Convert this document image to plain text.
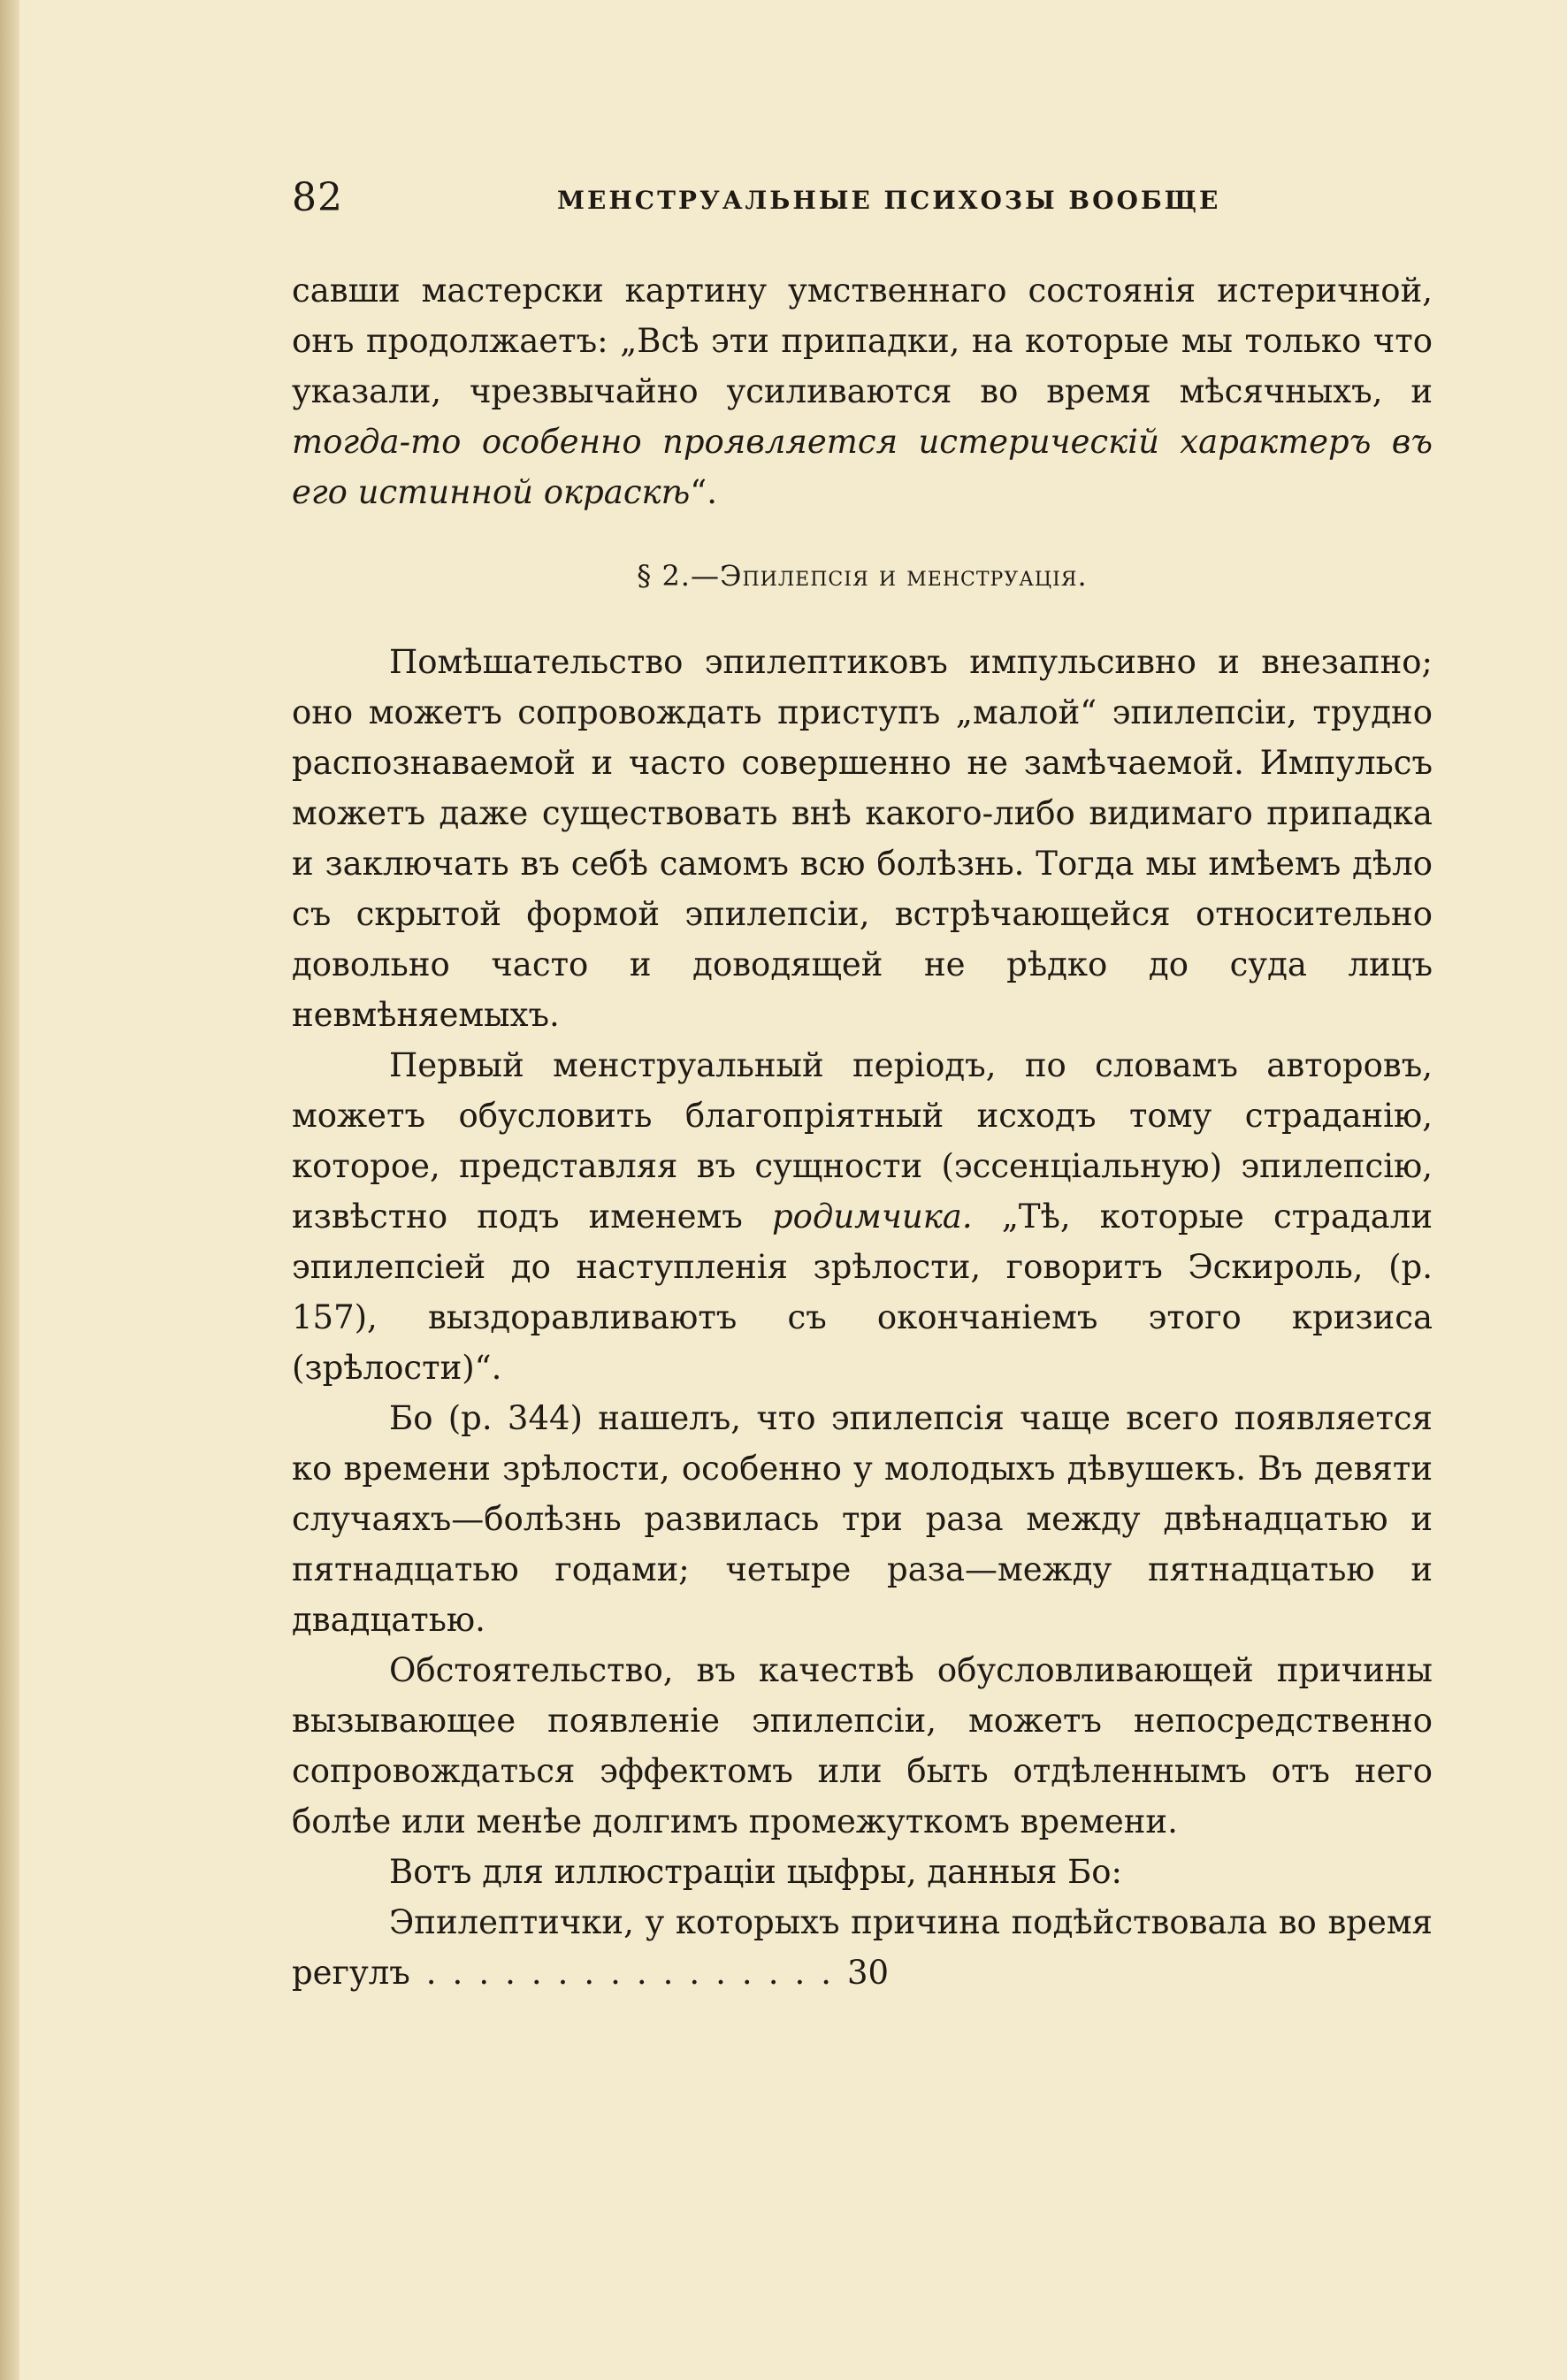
82	МЕНСТРУАЛЬНЫЕ ПСИХОЗЫ ВООБЩЕ

савши мастерски картину умственнаго состоянія истеричной, онъ продолжаетъ: „Всѣ эти припадки, на которые мы только что указали, чрезвычайно усиливаются во время мѣсячныхъ, и тогда-то особенно проявляется истерическій характеръ въ его истинной окраскѣ“.

§ 2.—Эпилепсія и менструація.

Помѣшательство эпилептиковъ импульсивно и внезапно; оно можетъ сопровождать приступъ „малой“ эпилепсіи, трудно распознаваемой и часто совершенно не замѣчаемой. Импульсъ можетъ даже существовать внѣ какого-либо видимаго припадка и заключать въ себѣ самомъ всю болѣзнь. Тогда мы имѣемъ дѣло съ скрытой формой эпилепсіи, встрѣчающейся относительно довольно часто и доводящей не рѣдко до суда лицъ невмѣняемыхъ.

Первый менструальный періодъ, по словамъ авторовъ, можетъ обусловить благопріятный исходъ тому страданію, которое, представляя въ сущности (эссенціальную) эпилепсію, извѣстно подъ именемъ родимчика. „Тѣ, которые страдали эпилепсіей до наступленія зрѣлости, говоритъ Эскироль, (р. 157), выздоравливаютъ съ окончаніемъ этого кризиса (зрѣлости)“.

Бо (р. 344) нашелъ, что эпилепсія чаще всего появляется ко времени зрѣлости, особенно у молодыхъ дѣвушекъ. Въ девяти случаяхъ—болѣзнь развилась три раза между двѣнадцатью и пятнадцатью годами; четыре раза—между пятнадцатью и двадцатью.

Обстоятельство, въ качествѣ обусловливающей причины вызывающее появленіе эпилепсіи, можетъ непосредственно сопровождаться эффектомъ или быть отдѣленнымъ отъ него болѣе или менѣе долгимъ промежуткомъ времени.

Вотъ для иллюстраціи цыфры, данныя Бо:

Эпилептички, у которыхъ причина подѣйствовала во время регулъ ................30
